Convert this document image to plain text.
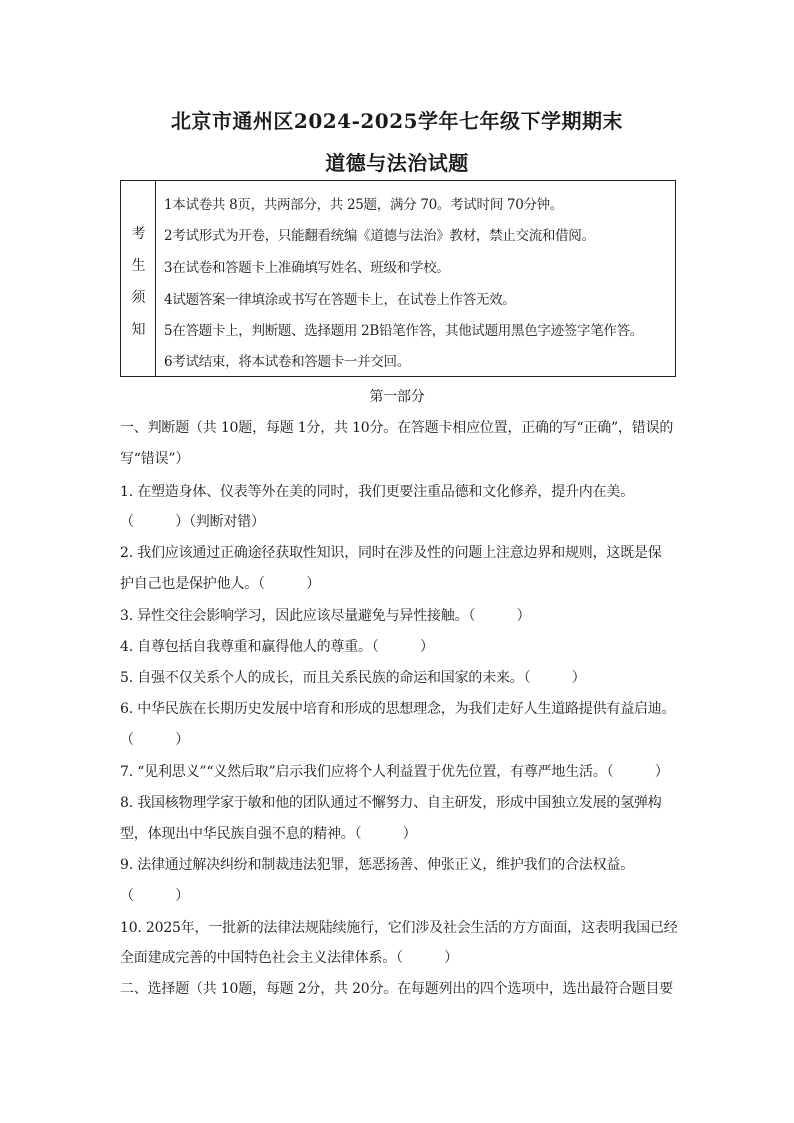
北京市通州区2024-2025学年七年级下学期期末
道德与法治试题
考
生
须
知
1本试卷共 8页，共两部分，共 25题，满分 70。考试时间 70分钟。
2考试形式为开卷，只能翻看统编《道德与法治》教材，禁止交流和借阅。
3在试卷和答题卡上准确填写姓名、班级和学校。
4试题答案一律填涂或书写在答题卡上，在试卷上作答无效。
5在答题卡上，判断题、选择题用 2B铅笔作答，其他试题用黑色字迹签字笔作答。
6考试结束，将本试卷和答题卡一并交回。
第一部分
一、判断题（共 10题，每题 1分，共 10分。在答题卡相应位置，正确的写“正确”，错误的
写“错误”）
1. 在塑造身体、仪表等外在美的同时，我们更要注重品德和文化修养，提升内在美。
（　　　）（判断对错）
2. 我们应该通过正确途径获取性知识，同时在涉及性的问题上注意边界和规则，这既是保
护自己也是保护他人。（　　　）
3. 异性交往会影响学习，因此应该尽量避免与异性接触。（　　　）
4. 自尊包括自我尊重和赢得他人的尊重。（　　　）
5. 自强不仅关系个人的成长，而且关系民族的命运和国家的未来。（　　　）
6. 中华民族在长期历史发展中培育和形成的思想理念，为我们走好人生道路提供有益启迪。
（　　　）
7. “见利思义”“义然后取”启示我们应将个人利益置于优先位置，有尊严地生活。（　　　）
8. 我国核物理学家于敏和他的团队通过不懈努力、自主研发，形成中国独立发展的氢弹构
型，体现出中华民族自强不息的精神。（　　　）
9. 法律通过解决纠纷和制裁违法犯罪，惩恶扬善、伸张正义，维护我们的合法权益。
（　　　）
10. 2025年，一批新的法律法规陆续施行，它们涉及社会生活的方方面面，这表明我国已经
全面建成完善的中国特色社会主义法律体系。（　　　）
二、选择题（共 10题，每题 2分，共 20分。在每题列出的四个选项中，选出最符合题目要
